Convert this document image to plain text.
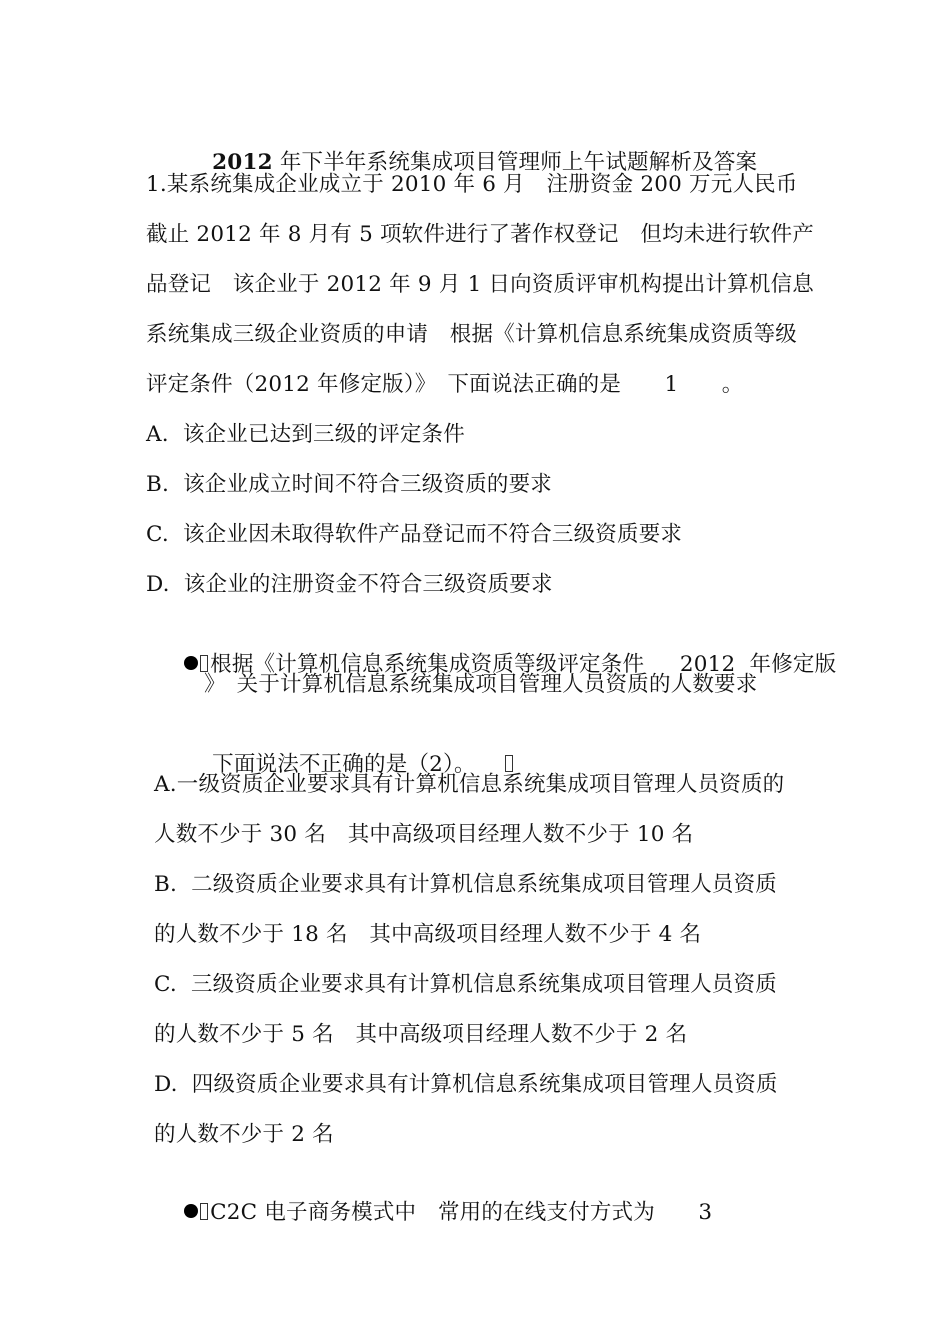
2012 年下半年系统集成项目管理师上午试题解析及答案

1.某系统集成企业成立于 2010 年 6 月　注册资金 200 万元人民币
截止 2012 年 8 月有 5 项软件进行了著作权登记　但均未进行软件产
品登记　该企业于 2012 年 9 月 1 日向资质评审机构提出计算机信息
系统集成三级企业资质的申请　根据《计算机信息系统集成资质等级
评定条件（2012 年修定版）》　下面说法正确的是　　1　　。
A.  该企业已达到三级的评定条件
B.  该企业成立时间不符合三级资质的要求
C.  该企业因未取得软件产品登记而不符合三级资质要求
D.  该企业的注册资金不符合三级资质要求

根据《计算机信息系统集成资质等级评定条件　  2012  年修定版

》　关于计算机信息系统集成项目管理人员资质的人数要求

下面说法不正确的是（2）。　

A.一级资质企业要求具有计算机信息系统集成项目管理人员资质的
人数不少于 30 名　其中高级项目经理人数不少于 10 名
B.  二级资质企业要求具有计算机信息系统集成项目管理人员资质
的人数不少于 18 名　其中高级项目经理人数不少于 4 名
C.  三级资质企业要求具有计算机信息系统集成项目管理人员资质
的人数不少于 5 名　其中高级项目经理人数不少于 2 名
D.  四级资质企业要求具有计算机信息系统集成项目管理人员资质
的人数不少于 2 名

C2C 电子商务模式中　常用的在线支付方式为　　3
